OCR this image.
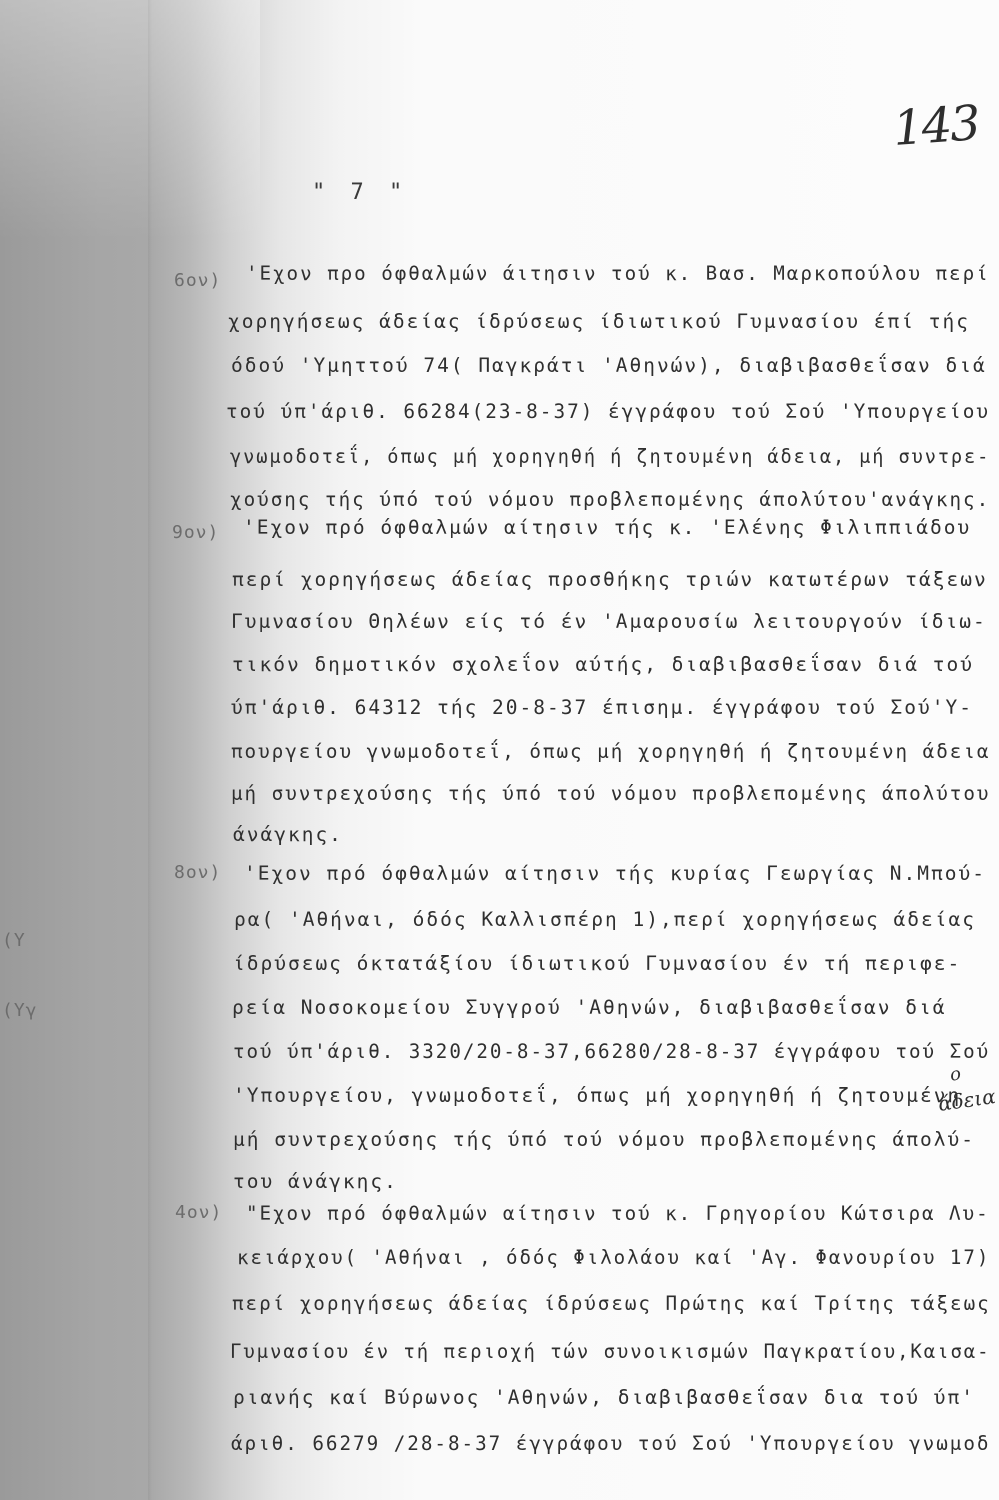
143
" 7 "
6ον)
9ον)
8ον)
(Υγ
(Υ
4ον)
'Εχον προ όφθαλμών άιτησιν τού κ. Βασ. Μαρκοπούλου περί
χορηγήσεως άδείας ίδρύσεως ίδιωτικού Γυμνασίου έπί τής
όδού 'Υμηττού 74( Παγκράτι 'Αθηνών), διαβιβασθεΐσαν διά
τού ύπ'άριθ. 66284(23-8-37) έγγράφου τού Σού 'Υπουργείου
γνωμοδοτεΐ, όπως μή χορηγηθή ή ζητουμένη άδεια, μή συντρε-
χούσης τής ύπό τού νόμου προβλεπομένης άπολύτου'ανάγκης.
'Εχον πρό όφθαλμών αίτησιν τής κ. 'Ελένης Φιλιππιάδου
περί χορηγήσεως άδείας προσθήκης τριών κατωτέρων τάξεων
Γυμνασίου Θηλέων είς τό έν 'Αμαρουσίω λειτουργούν ίδιω-
τικόν δημοτικόν σχολεΐον αύτής, διαβιβασθεΐσαν διά τού
ύπ'άριθ. 64312 τής 20-8-37 έπισημ. έγγράφου τού Σού'Υ-
πουργείου γνωμοδοτεΐ, όπως μή χορηγηθή ή ζητουμένη άδεια
μή συντρεχούσης τής ύπό τού νόμου προβλεπομένης άπολύτου
άνάγκης.
'Εχον πρό όφθαλμών αίτησιν τής κυρίας Γεωργίας Ν.Μπού-
ρα( 'Αθήναι, όδός Καλλισπέρη 1),περί χορηγήσεως άδείας
ίδρύσεως όκτατάξίου ίδιωτικού Γυμνασίου έν τή περιφε-
ρεία Νοσοκομείου Συγγρού 'Αθηνών, διαβιβασθεΐσαν διά
τού ύπ'άριθ. 3320/20-8-37,66280/28-8-37 έγγράφου τού Σού
'Υπουργείου, γνωμοδοτεΐ, όπως μή χορηγηθή ή ζητουμένη
μή συντρεχούσης τής ύπό τού νόμου προβλεπομένης άπολύ-
του άνάγκης.
"Εχον πρό όφθαλμών αίτησιν τού κ. Γρηγορίου Κώτσιρα Λυ-
κειάρχου( 'Αθήναι , όδός Φιλολάου καί 'Αγ. Φανουρίου 17)
περί χορηγήσεως άδείας ίδρύσεως Πρώτης καί Τρίτης τάξεως
Γυμνασίου έν τή περιοχή τών συνοικισμών Παγκρατίου,Καισα-
ριανής καί Βύρωνος 'Αθηνών, διαβιβασθεΐσαν δια τού ύπ'
άριθ. 66279 /28-8-37 έγγράφου τού Σού 'Υπουργείου γνωμοδ
ο
άδεια
